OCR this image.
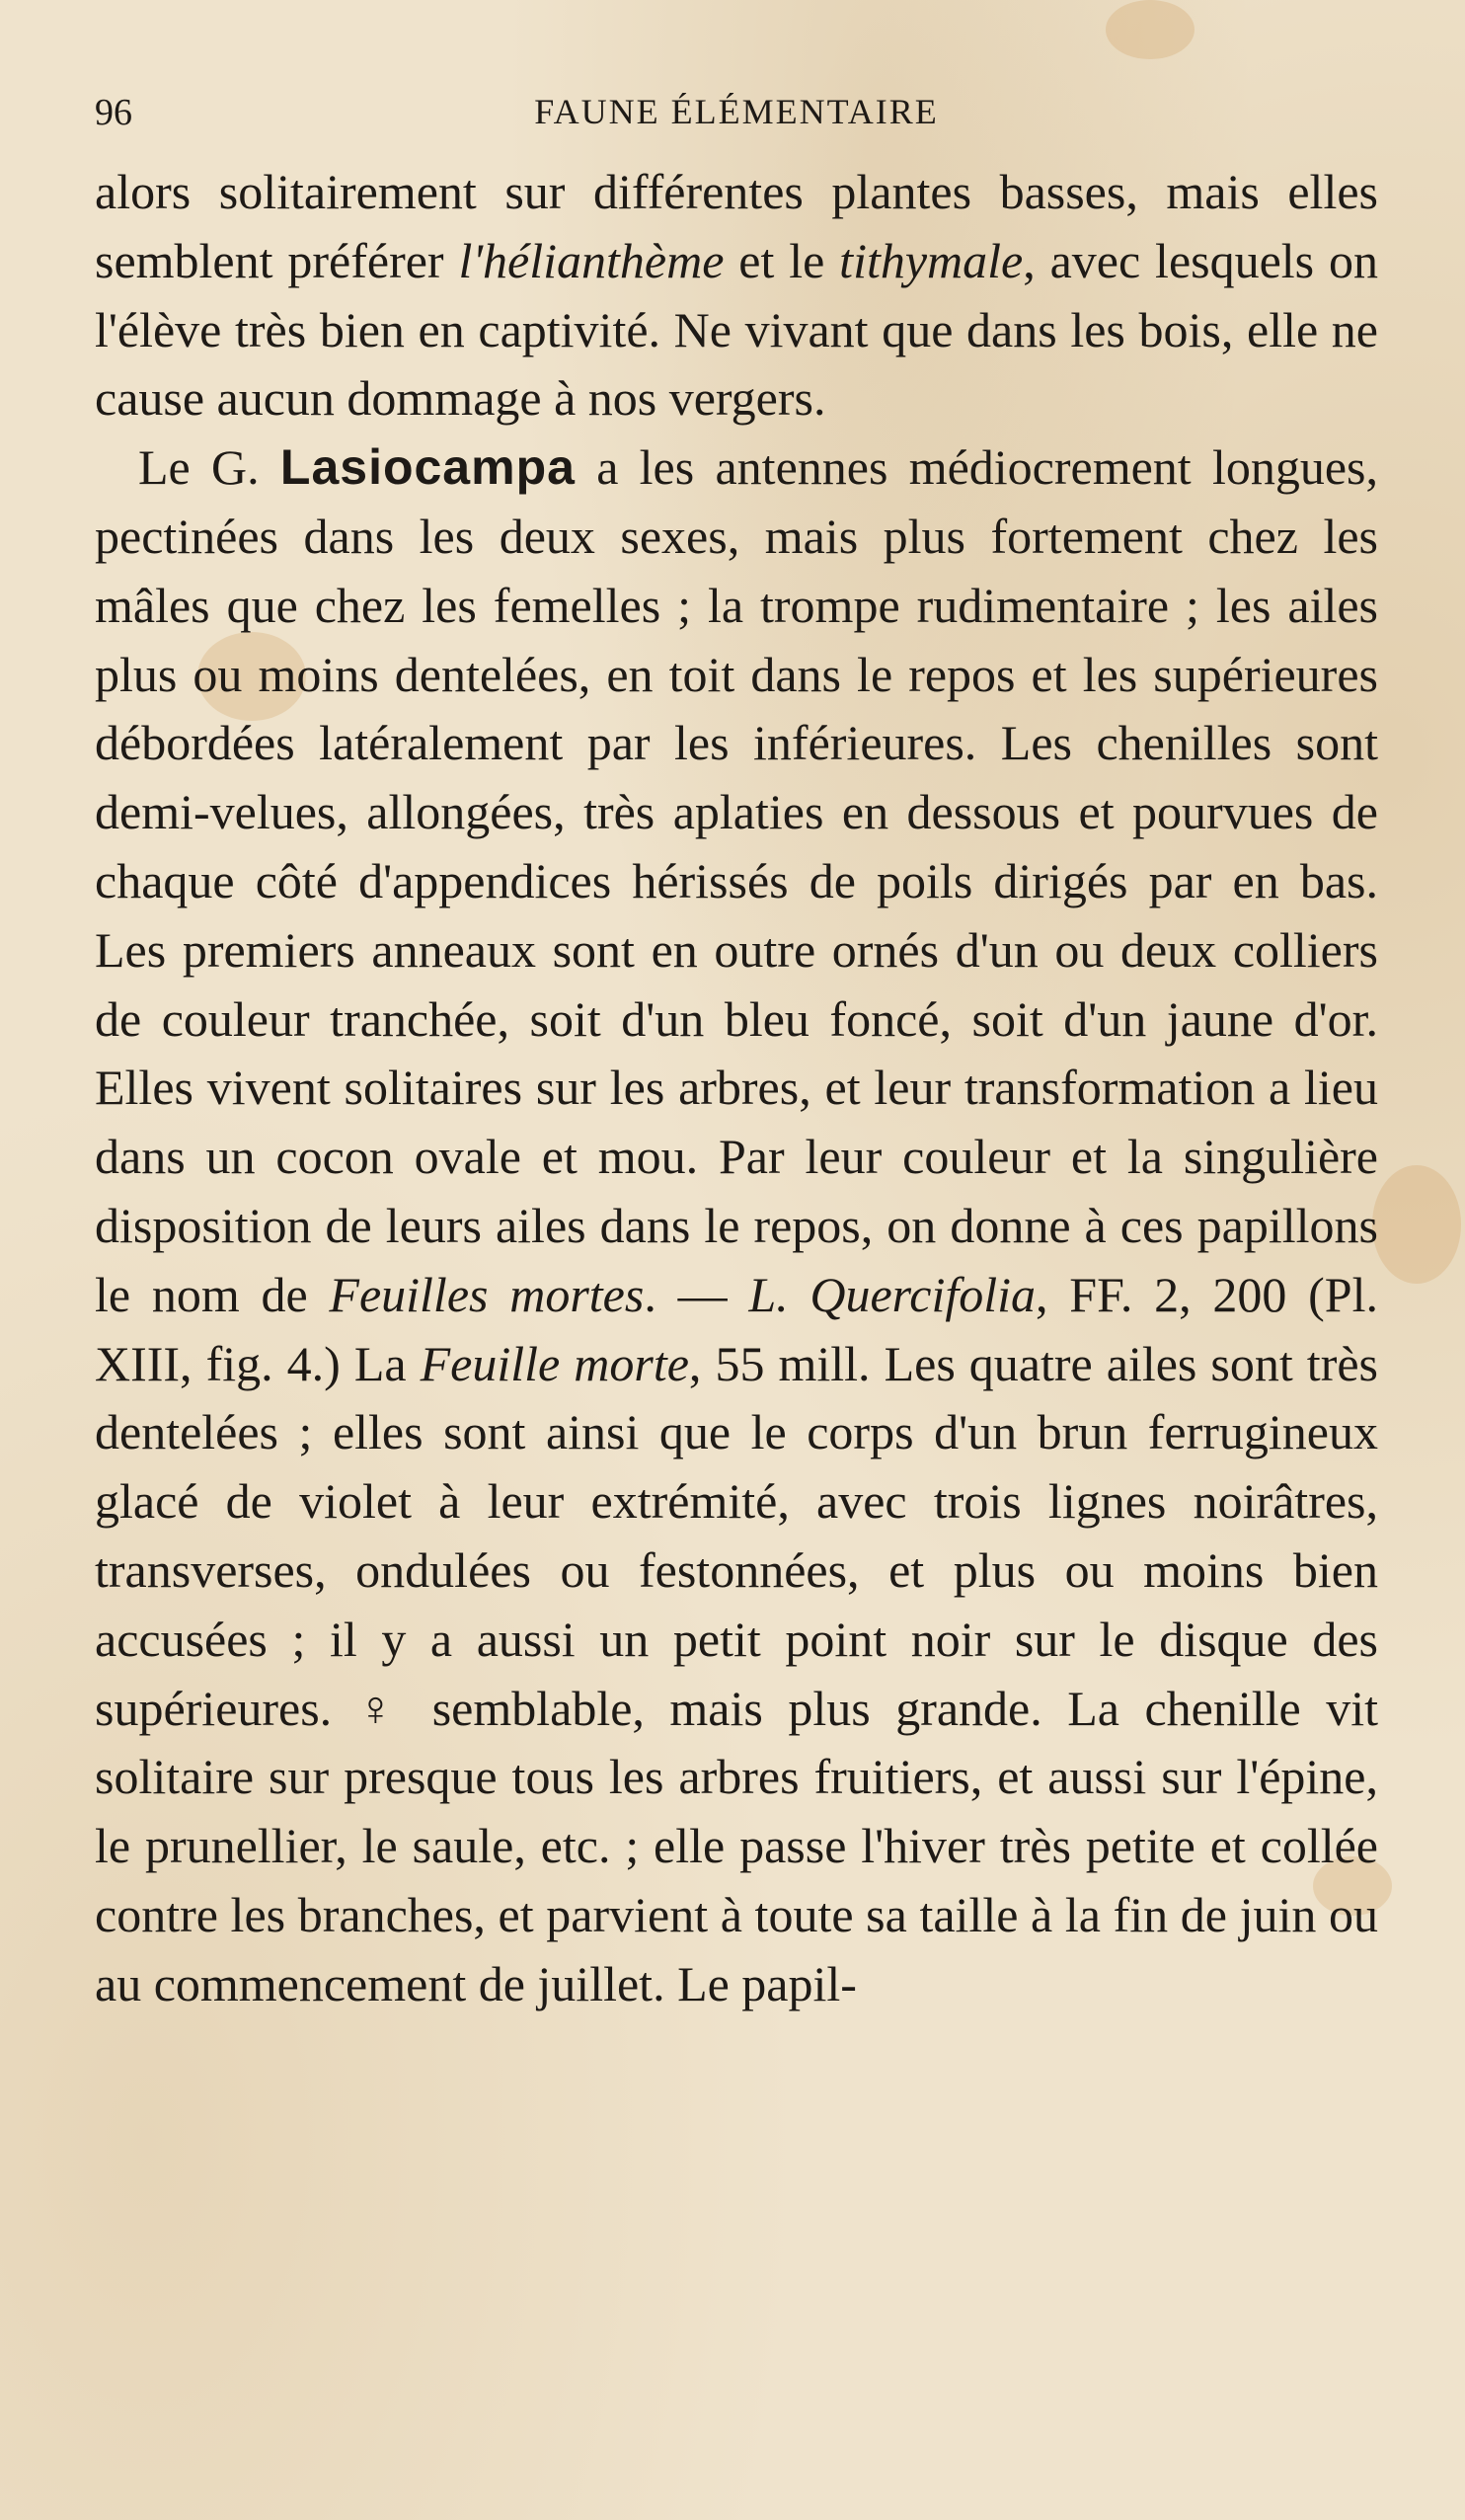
96	FAUNE ÉLÉMENTAIRE

alors solitairement sur différentes plantes basses, mais elles semblent préférer l'hélianthème et le tithymale, avec lesquels on l'élève très bien en captivité. Ne vivant que dans les bois, elle ne cause aucun dommage à nos vergers.

Le G. Lasiocampa a les antennes médiocrement longues, pectinées dans les deux sexes, mais plus fortement chez les mâles que chez les femelles ; la trompe rudimentaire ; les ailes plus ou moins dentelées, en toit dans le repos et les supérieures débordées latéralement par les inférieures. Les chenilles sont demi-velues, allongées, très aplaties en dessous et pourvues de chaque côté d'appendices hérissés de poils dirigés par en bas. Les premiers anneaux sont en outre ornés d'un ou deux colliers de couleur tranchée, soit d'un bleu foncé, soit d'un jaune d'or. Elles vivent solitaires sur les arbres, et leur transformation a lieu dans un cocon ovale et mou. Par leur couleur et la singulière disposition de leurs ailes dans le repos, on donne à ces papillons le nom de Feuilles mortes. — L. Quercifolia, FF. 2, 200 (Pl. XIII, fig. 4.) La Feuille morte, 55 mill. Les quatre ailes sont très dentelées ; elles sont ainsi que le corps d'un brun ferrugineux glacé de violet à leur extrémité, avec trois lignes noirâtres, transverses, ondulées ou festonnées, et plus ou moins bien accusées ; il y a aussi un petit point noir sur le disque des supérieures. ♀ semblable, mais plus grande. La chenille vit solitaire sur presque tous les arbres fruitiers, et aussi sur l'épine, le prunellier, le saule, etc. ; elle passe l'hiver très petite et collée contre les branches, et parvient à toute sa taille à la fin de juin ou au commencement de juillet. Le papil-
